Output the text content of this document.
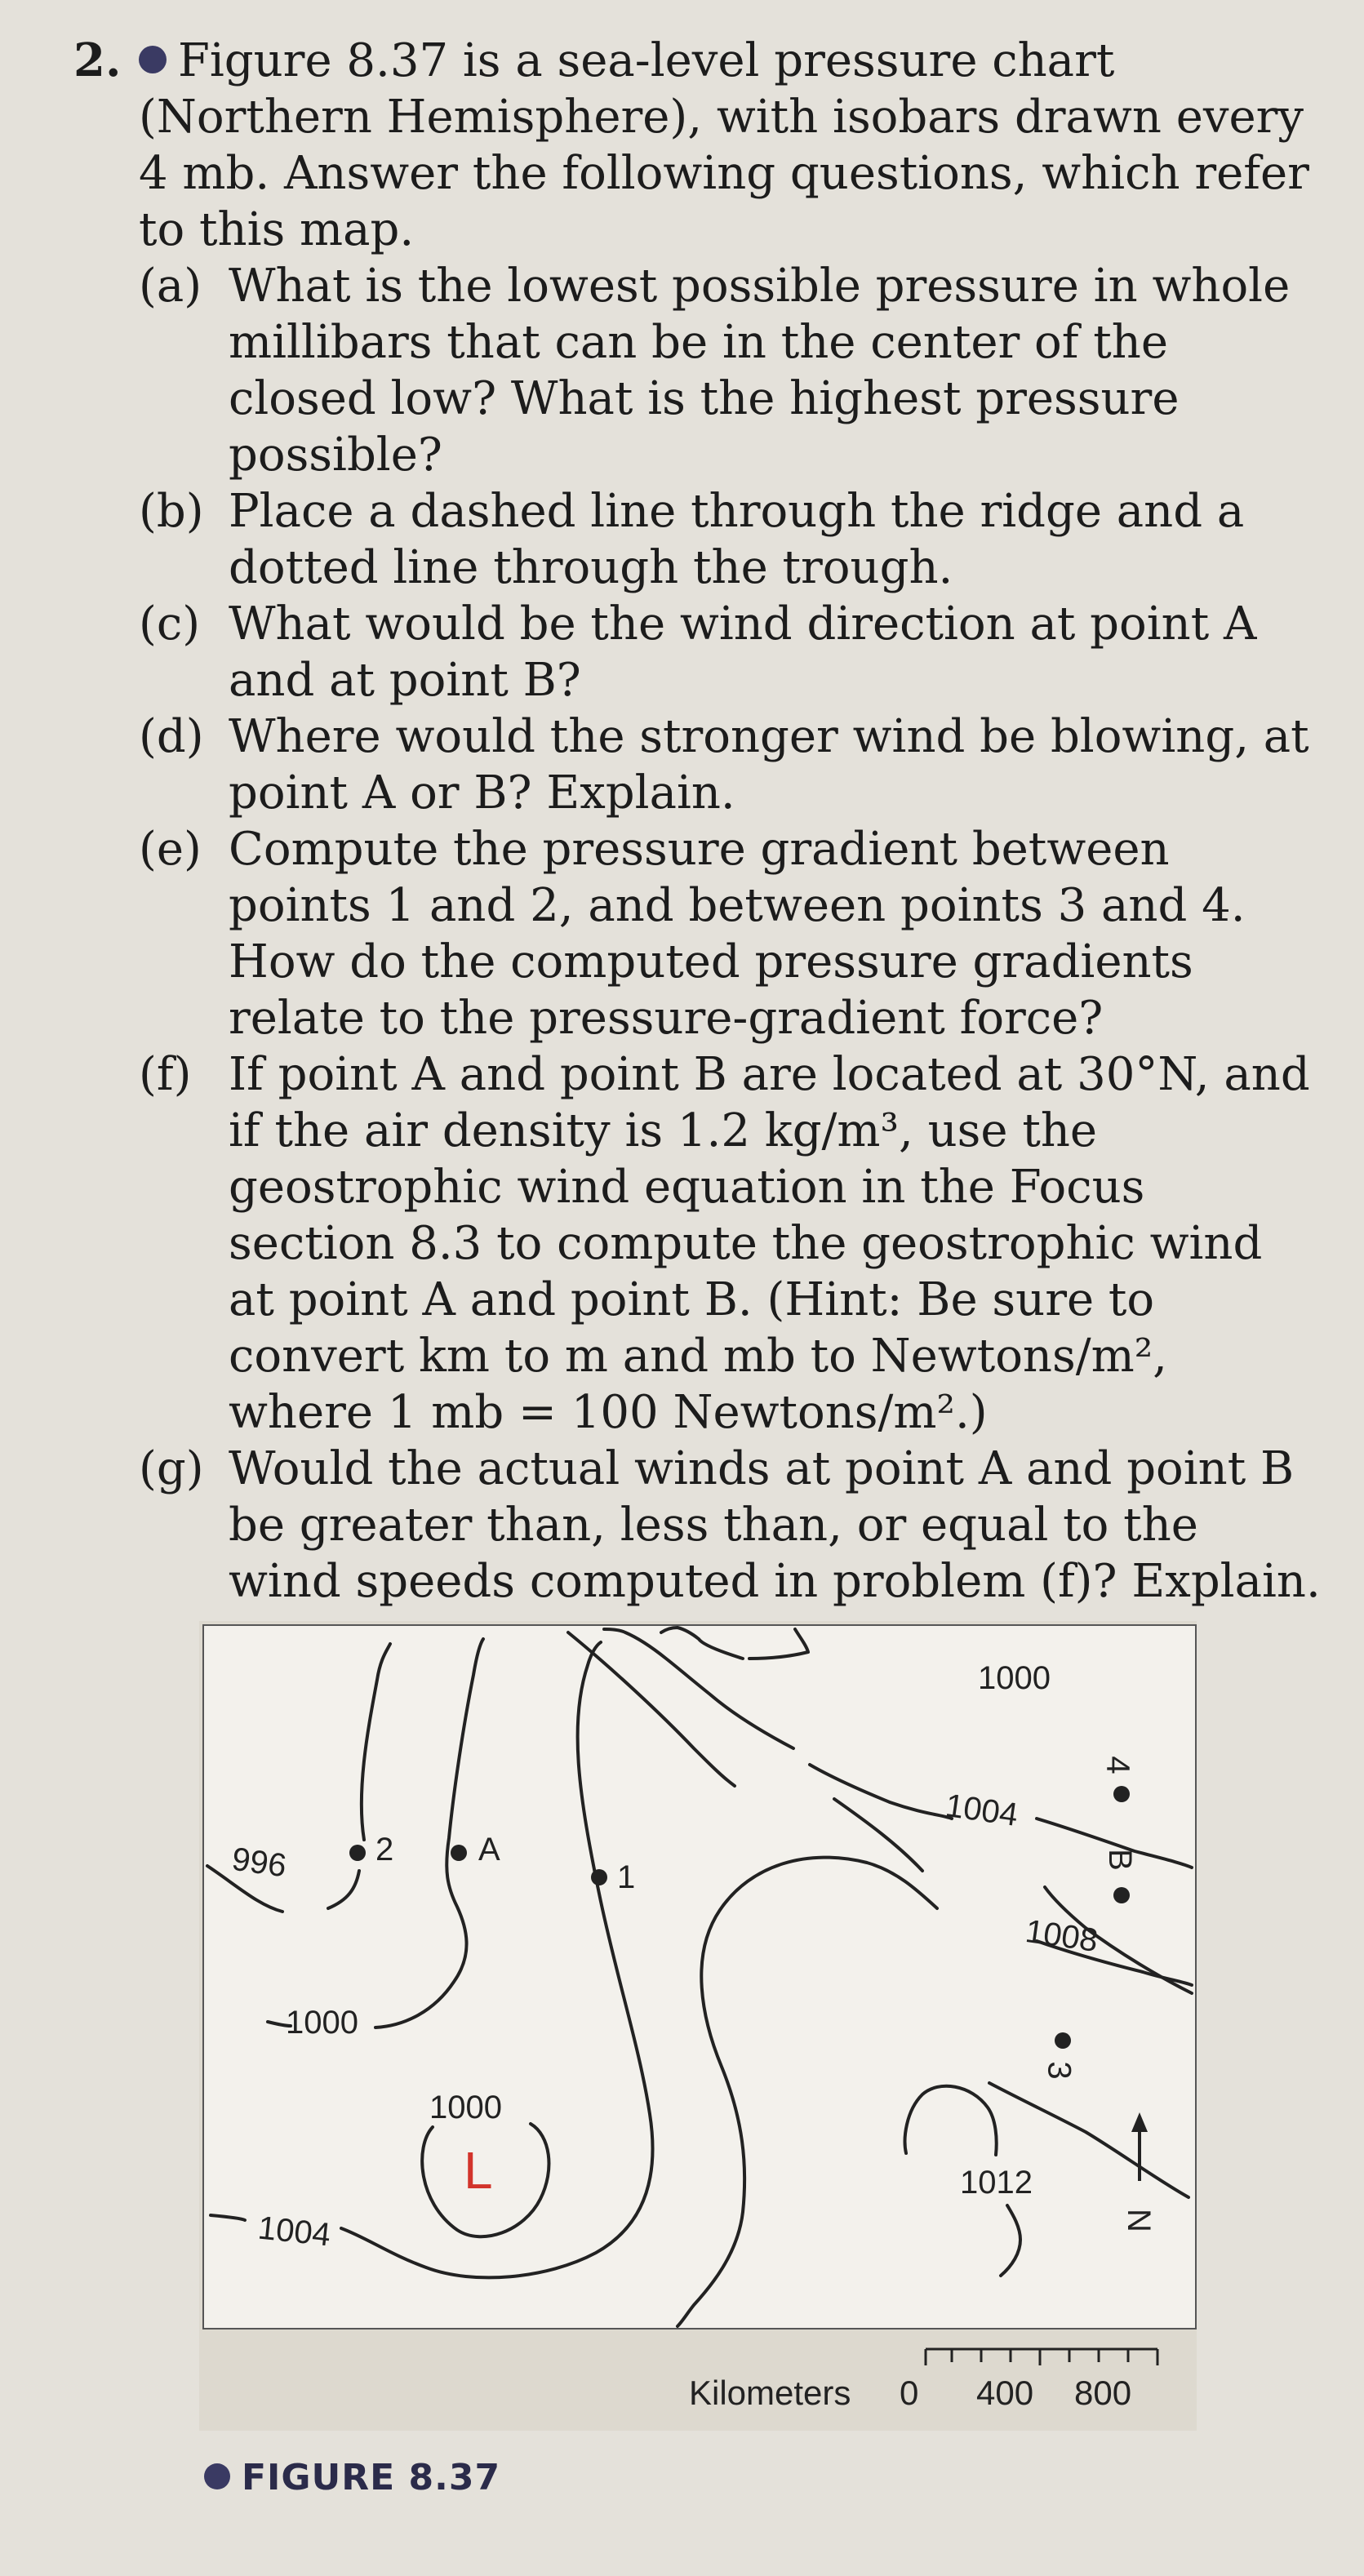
2. Figure 8.37 is a sea-level pressure chart (Northern Hemisphere), with isobars drawn every 4 mb. Answer the following questions, which refer to this map.
(a) What is the lowest possible pressure in whole millibars that can be in the center of the closed low? What is the highest pressure possible?
(b) Place a dashed line through the ridge and a dotted line through the trough.
(c) What would be the wind direction at point A and at point B?
(d) Where would the stronger wind be blowing, at point A or B? Explain.
(e) Compute the pressure gradient between points 1 and 2, and between points 3 and 4. How do the computed pressure gradients relate to the pressure-gradient force?
(f) If point A and point B are located at 30°N, and if the air density is 1.2 kg/m³, use the geostrophic wind equation in the Focus section 8.3 to compute the geostrophic wind at point A and point B. (Hint: Be sure to convert km to m and mb to Newtons/m², where 1 mb = 100 Newtons/m².)
(g) Would the actual winds at point A and point B be greater than, less than, or equal to the wind speeds computed in problem (f)? Explain.
996
1000
1000
1004
1000
1004
1008
1012
L
2	A
1
4
B
3
N
Kilometers 0 400 800
FIGURE 8.37
